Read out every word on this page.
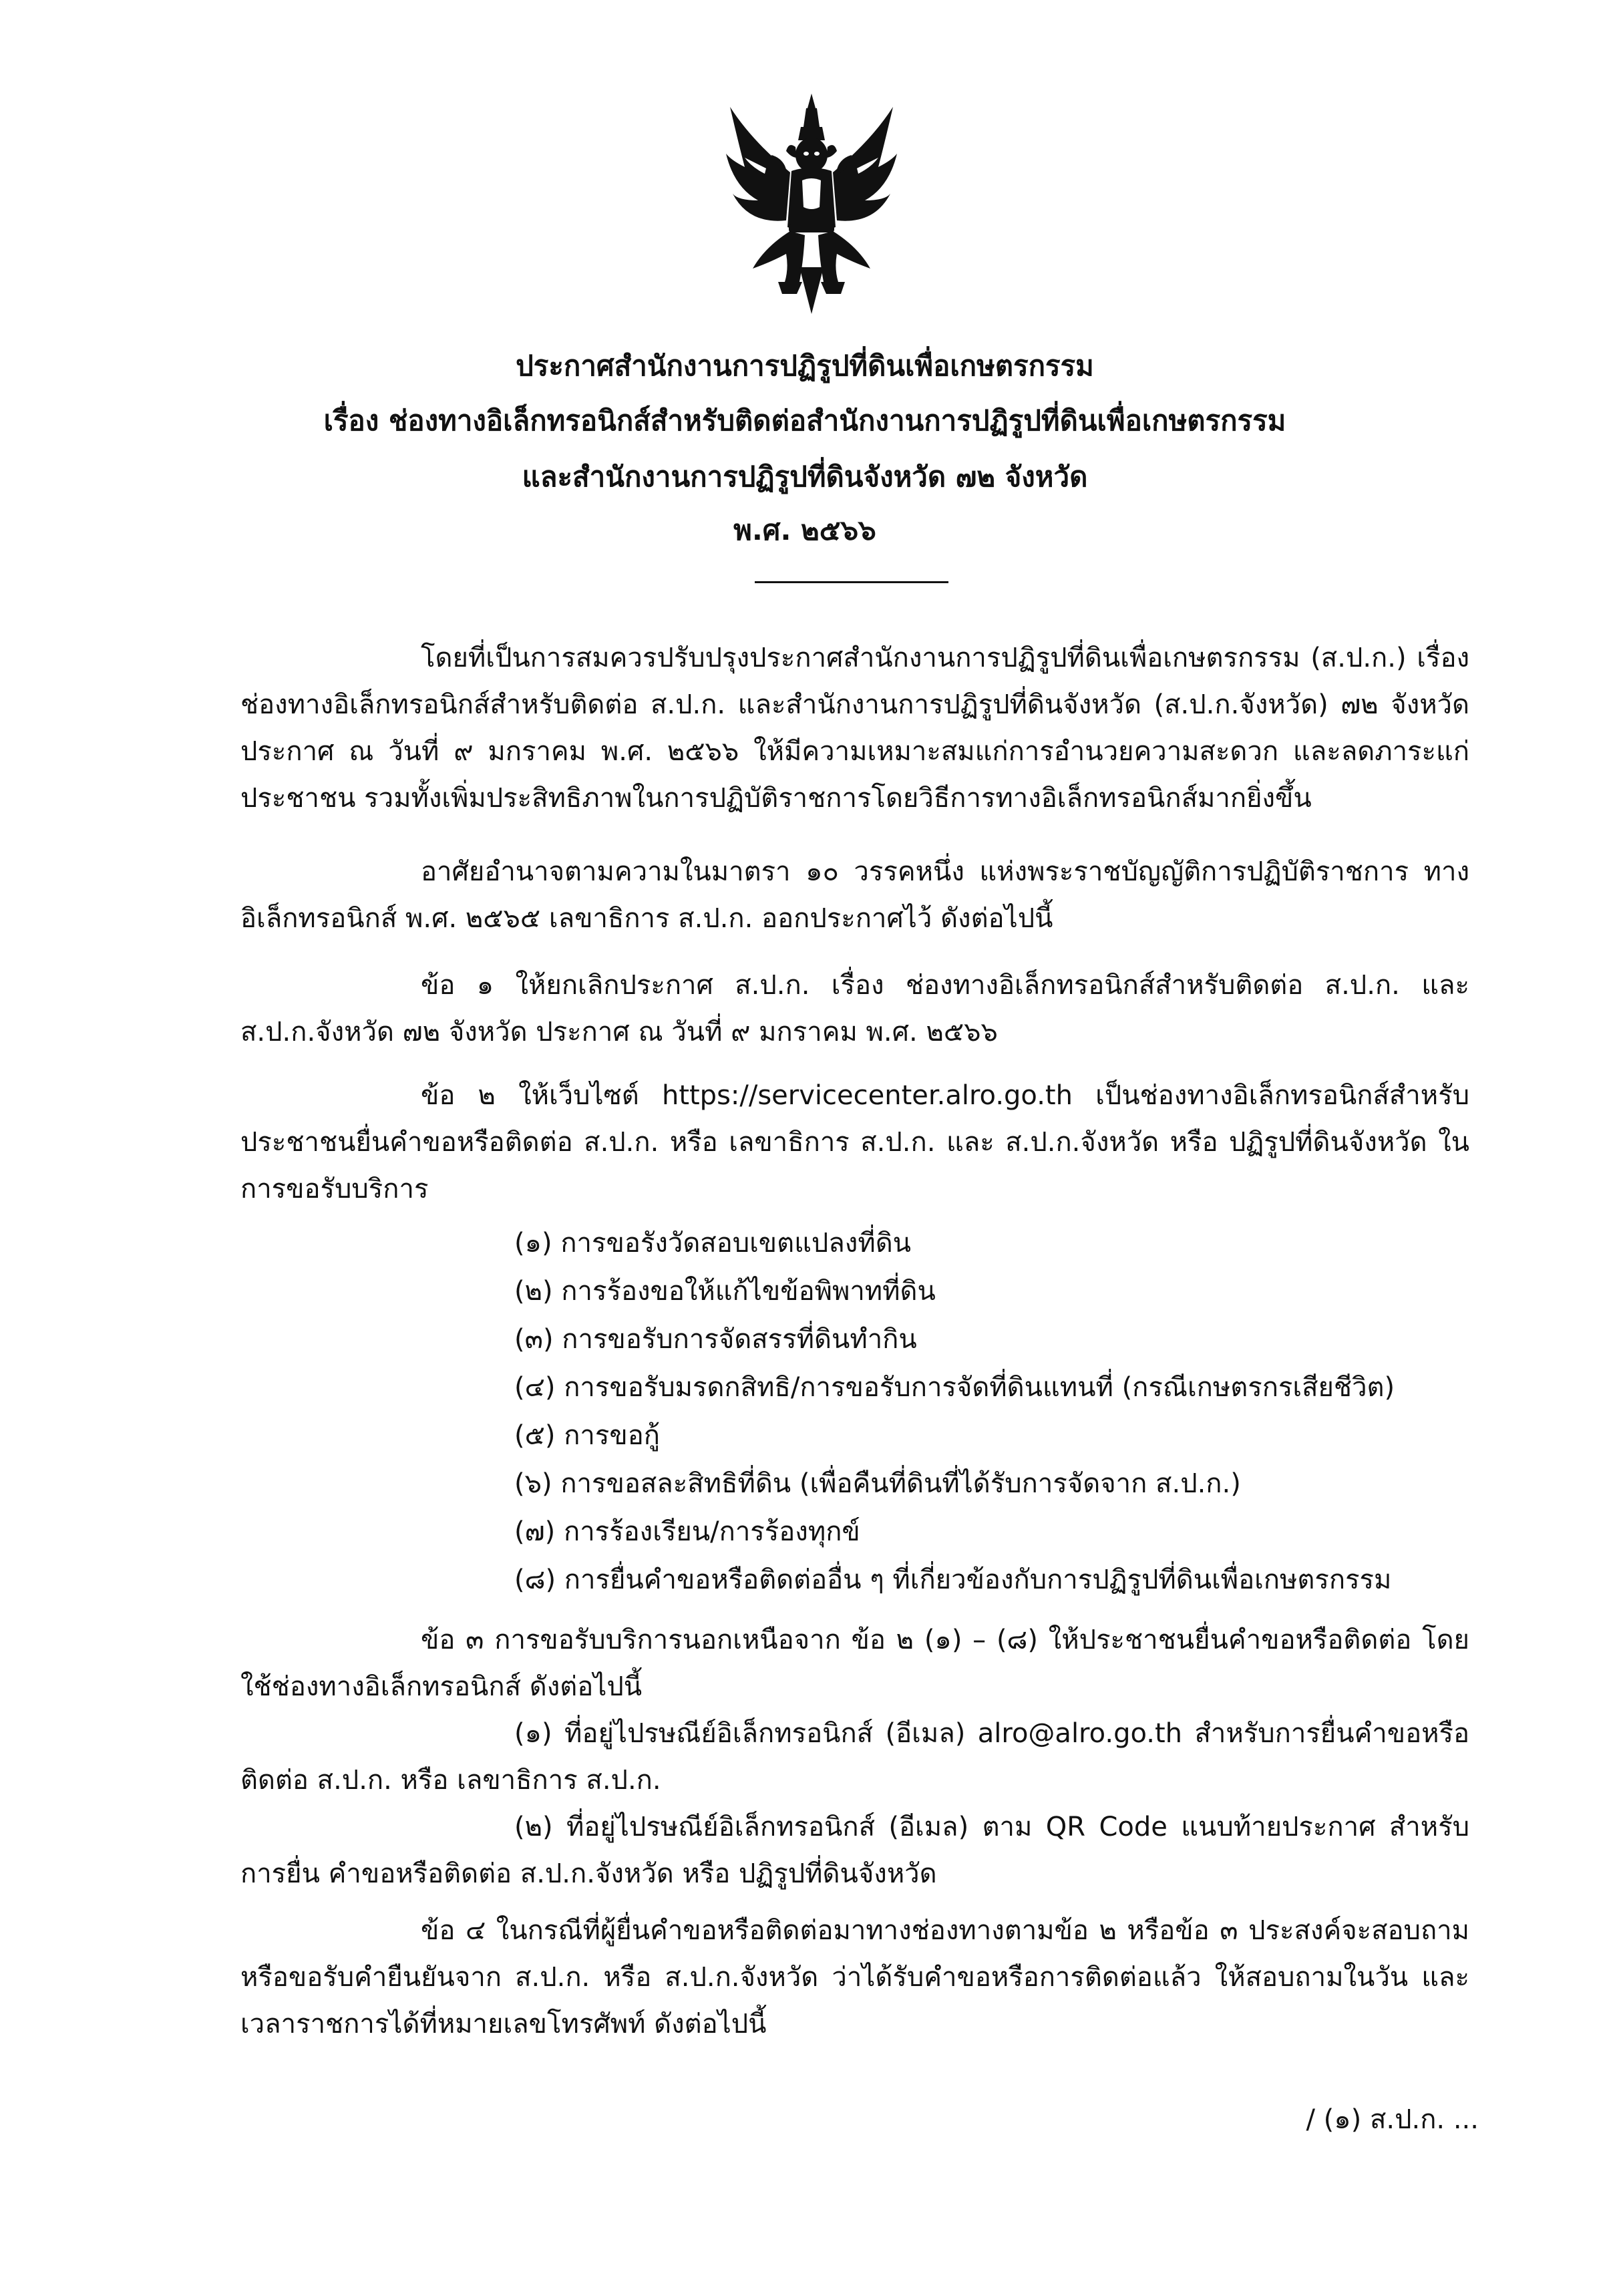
ประกาศสำนักงานการปฏิรูปที่ดินเพื่อเกษตรกรรม
เรื่อง ช่องทางอิเล็กทรอนิกส์สำหรับติดต่อสำนักงานการปฏิรูปที่ดินเพื่อเกษตรกรรม
และสำนักงานการปฏิรูปที่ดินจังหวัด ๗๒ จังหวัด
พ.ศ. ๒๕๖๖
โดยที่เป็นการสมควรปรับปรุงประกาศสำนักงานการปฏิรูปที่ดินเพื่อเกษตรกรรม (ส.ป.ก.) เรื่อง ช่องทางอิเล็กทรอนิกส์สำหรับติดต่อ ส.ป.ก. และสำนักงานการปฏิรูปที่ดินจังหวัด (ส.ป.ก.จังหวัด) ๗๒ จังหวัด ประกาศ ณ วันที่ ๙ มกราคม พ.ศ. ๒๕๖๖ ให้มีความเหมาะสมแก่การอำนวยความสะดวก และลดภาระแก่ประชาชน รวมทั้งเพิ่มประสิทธิภาพในการปฏิบัติราชการโดยวิธีการทางอิเล็กทรอนิกส์มากยิ่งขึ้น
อาศัยอำนาจตามความในมาตรา ๑๐ วรรคหนึ่ง แห่งพระราชบัญญัติการปฏิบัติราชการ ทางอิเล็กทรอนิกส์ พ.ศ. ๒๕๖๕ เลขาธิการ ส.ป.ก. ออกประกาศไว้ ดังต่อไปนี้
ข้อ ๑ ให้ยกเลิกประกาศ ส.ป.ก. เรื่อง ช่องทางอิเล็กทรอนิกส์สำหรับติดต่อ ส.ป.ก. และ ส.ป.ก.จังหวัด ๗๒ จังหวัด ประกาศ ณ วันที่ ๙ มกราคม พ.ศ. ๒๕๖๖
ข้อ ๒ ให้เว็บไซต์ https://servicecenter.alro.go.th เป็นช่องทางอิเล็กทรอนิกส์สำหรับ ประชาชนยื่นคำขอหรือติดต่อ ส.ป.ก. หรือ เลขาธิการ ส.ป.ก. และ ส.ป.ก.จังหวัด หรือ ปฏิรูปที่ดินจังหวัด ในการขอรับบริการ
(๑) การขอรังวัดสอบเขตแปลงที่ดิน
(๒) การร้องขอให้แก้ไขข้อพิพาทที่ดิน
(๓) การขอรับการจัดสรรที่ดินทำกิน
(๔) การขอรับมรดกสิทธิ/การขอรับการจัดที่ดินแทนที่ (กรณีเกษตรกรเสียชีวิต)
(๕) การขอกู้
(๖) การขอสละสิทธิที่ดิน (เพื่อคืนที่ดินที่ได้รับการจัดจาก ส.ป.ก.)
(๗) การร้องเรียน/การร้องทุกข์
(๘) การยื่นคำขอหรือติดต่ออื่น ๆ ที่เกี่ยวข้องกับการปฏิรูปที่ดินเพื่อเกษตรกรรม
ข้อ ๓ การขอรับบริการนอกเหนือจาก ข้อ ๒ (๑) – (๘) ให้ประชาชนยื่นคำขอหรือติดต่อ โดยใช้ช่องทางอิเล็กทรอนิกส์ ดังต่อไปนี้
(๑) ที่อยู่ไปรษณีย์อิเล็กทรอนิกส์ (อีเมล) alro@alro.go.th สำหรับการยื่นคำขอหรือ ติดต่อ ส.ป.ก. หรือ เลขาธิการ ส.ป.ก.
(๒) ที่อยู่ไปรษณีย์อิเล็กทรอนิกส์ (อีเมล) ตาม QR Code แนบท้ายประกาศ สำหรับการยื่น คำขอหรือติดต่อ ส.ป.ก.จังหวัด หรือ ปฏิรูปที่ดินจังหวัด
ข้อ ๔ ในกรณีที่ผู้ยื่นคำขอหรือติดต่อมาทางช่องทางตามข้อ ๒ หรือข้อ ๓ ประสงค์จะสอบถาม หรือขอรับคำยืนยันจาก ส.ป.ก. หรือ ส.ป.ก.จังหวัด ว่าได้รับคำขอหรือการติดต่อแล้ว ให้สอบถามในวัน และเวลาราชการได้ที่หมายเลขโทรศัพท์ ดังต่อไปนี้
/ (๑) ส.ป.ก. ...
